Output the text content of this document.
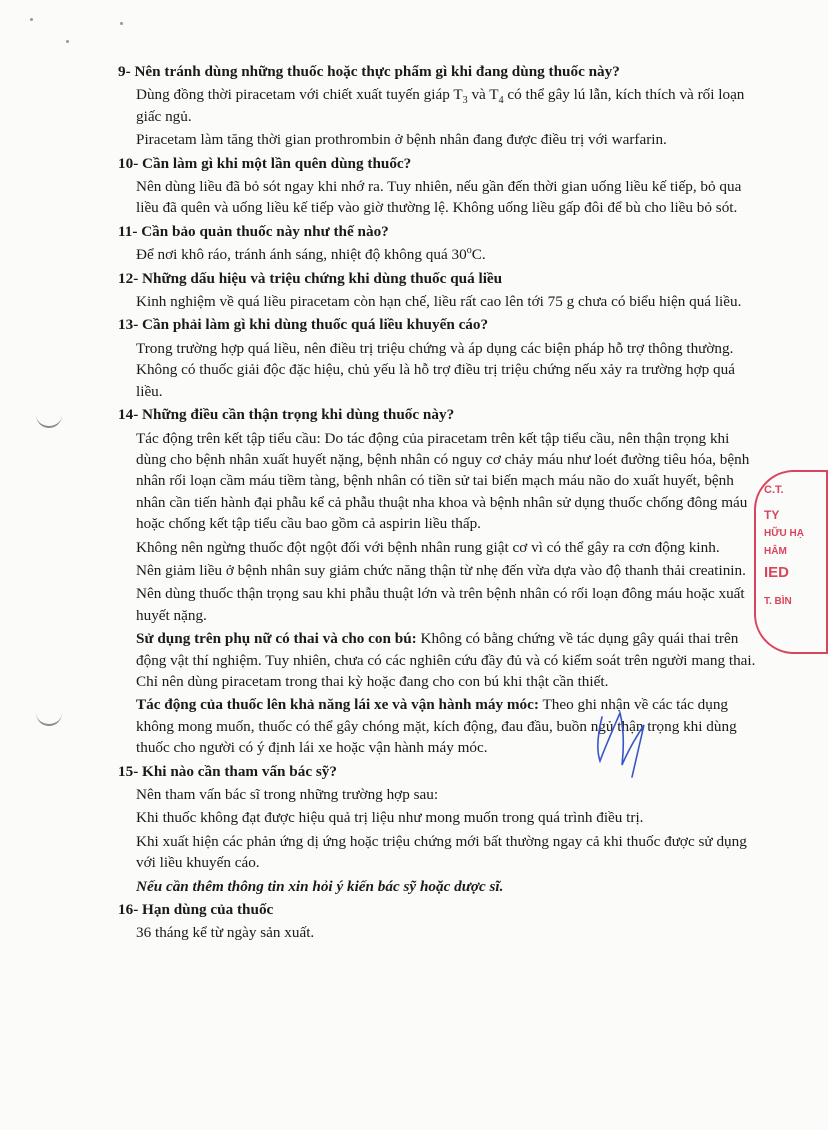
9- Nên tránh dùng những thuốc hoặc thực phẩm gì khi đang dùng thuốc này?
Dùng đồng thời piracetam với chiết xuất tuyến giáp $T_3$ và $T_4$ có thể gây lú lẫn, kích thích và rối loạn giấc ngủ.
Piracetam làm tăng thời gian prothrombin ở bệnh nhân đang được điều trị với warfarin.
10- Cần làm gì khi một lần quên dùng thuốc?
Nên dùng liều đã bỏ sót ngay khi nhớ ra. Tuy nhiên, nếu gần đến thời gian uống liều kế tiếp, bỏ qua liều đã quên và uống liều kế tiếp vào giờ thường lệ. Không uống liều gấp đôi để bù cho liều bỏ sót.
11- Cần bảo quản thuốc này như thế nào?
Để nơi khô ráo, tránh ánh sáng, nhiệt độ không quá 30$^o$C.
12- Những dấu hiệu và triệu chứng khi dùng thuốc quá liều
Kinh nghiệm về quá liều piracetam còn hạn chế, liều rất cao lên tới 75 g chưa có biểu hiện quá liều.
13- Cần phải làm gì khi dùng thuốc quá liều khuyến cáo?
Trong trường hợp quá liều, nên điều trị triệu chứng và áp dụng các biện pháp hỗ trợ thông thường. Không có thuốc giải độc đặc hiệu, chủ yếu là hỗ trợ điều trị triệu chứng nếu xảy ra trường hợp quá liều.
14- Những điều cần thận trọng khi dùng thuốc này?
Tác động trên kết tập tiểu cầu: Do tác động của piracetam trên kết tập tiểu cầu, nên thận trọng khi dùng cho bệnh nhân xuất huyết nặng, bệnh nhân có nguy cơ chảy máu như loét đường tiêu hóa, bệnh nhân rối loạn cầm máu tiềm tàng, bệnh nhân có tiền sử tai biến mạch máu não do xuất huyết, bệnh nhân cần tiến hành đại phẫu kể cả phẫu thuật nha khoa và bệnh nhân sử dụng thuốc chống đông máu hoặc chống kết tập tiểu cầu bao gồm cả aspirin liều thấp.
Không nên ngừng thuốc đột ngột đối với bệnh nhân rung giật cơ vì có thể gây ra cơn động kinh.
Nên giảm liều ở bệnh nhân suy giảm chức năng thận từ nhẹ đến vừa dựa vào độ thanh thải creatinin.
Nên dùng thuốc thận trọng sau khi phẫu thuật lớn và trên bệnh nhân có rối loạn đông máu hoặc xuất huyết nặng.
Sử dụng trên phụ nữ có thai và cho con bú: Không có bằng chứng về tác dụng gây quái thai trên động vật thí nghiệm. Tuy nhiên, chưa có các nghiên cứu đầy đủ và có kiểm soát trên người mang thai. Chỉ nên dùng piracetam trong thai kỳ hoặc đang cho con bú khi thật cần thiết.
Tác động của thuốc lên khả năng lái xe và vận hành máy móc: Theo ghi nhận về các tác dụng không mong muốn, thuốc có thể gây chóng mặt, kích động, đau đầu, buồn ngủ thận trọng khi dùng thuốc cho người có ý định lái xe hoặc vận hành máy móc.
15- Khi nào cần tham vấn bác sỹ?
Nên tham vấn bác sĩ trong những trường hợp sau:
Khi thuốc không đạt được hiệu quả trị liệu như mong muốn trong quá trình điều trị.
Khi xuất hiện các phản ứng dị ứng hoặc triệu chứng mới bất thường ngay cả khi thuốc được sử dụng với liều khuyến cáo.
Nếu cần thêm thông tin xin hỏi ý kiến bác sỹ hoặc dược sĩ.
16- Hạn dùng của thuốc
36 tháng kể từ ngày sản xuất.
C.T.
TY
HỮU HẠ
HÂM
IED
T. BÌN
